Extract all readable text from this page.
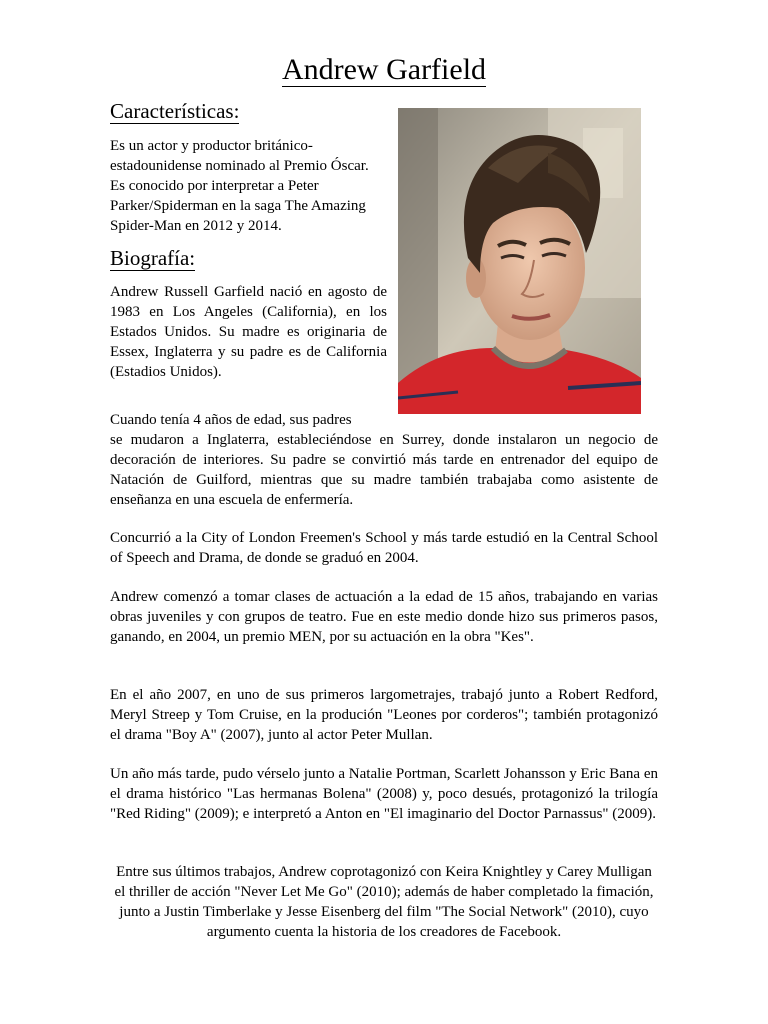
Andrew Garfield
Características:

Es un actor y productor británico-estadounidense nominado al Premio Óscar. Es conocido por interpretar a Peter Parker/Spiderman en la saga The Amazing Spider-Man en 2012 y 2014.

Biografía:

Andrew Russell Garfield nació en agosto de 1983 en Los Angeles (California), en los Estados Unidos. Su madre es originaria de Essex, Inglaterra y su padre es de California (Estadios Unidos).

Cuando tenía 4 años de edad, sus padres

se mudaron a Inglaterra, estableciéndose en Surrey, donde instalaron un negocio de decoración de interiores. Su padre se convirtió más tarde en entrenador del equipo de Natación de Guilford, mientras que su madre también trabajaba como asistente de enseñanza en una escuela de enfermería.

Concurrió a la City of London Freemen's School y más tarde estudió en la Central School of Speech and Drama, de donde se graduó en 2004.

Andrew comenzó a tomar clases de actuación a la edad de 15 años, trabajando en varias obras juveniles y con grupos de teatro. Fue en este medio donde hizo sus primeros pasos, ganando, en 2004, un premio MEN, por su actuación en la obra "Kes".

En el año 2007, en uno de sus primeros largometrajes, trabajó junto a Robert Redford, Meryl Streep y Tom Cruise, en la produción "Leones por corderos"; también protagonizó el drama "Boy A" (2007), junto al actor Peter Mullan.

Un año más tarde, pudo vérselo junto a Natalie Portman, Scarlett Johansson y Eric Bana en el drama histórico "Las hermanas Bolena" (2008) y, poco desués, protagonizó la trilogía "Red Riding" (2009); e interpretó a Anton en "El imaginario del Doctor Parnassus" (2009).

Entre sus últimos trabajos, Andrew coprotagonizó con Keira Knightley y Carey Mulligan el thriller de acción "Never Let Me Go" (2010); además de haber completado la fimación, junto a Justin Timberlake y Jesse Eisenberg del film "The Social Network" (2010), cuyo argumento cuenta la historia de los creadores de Facebook.
